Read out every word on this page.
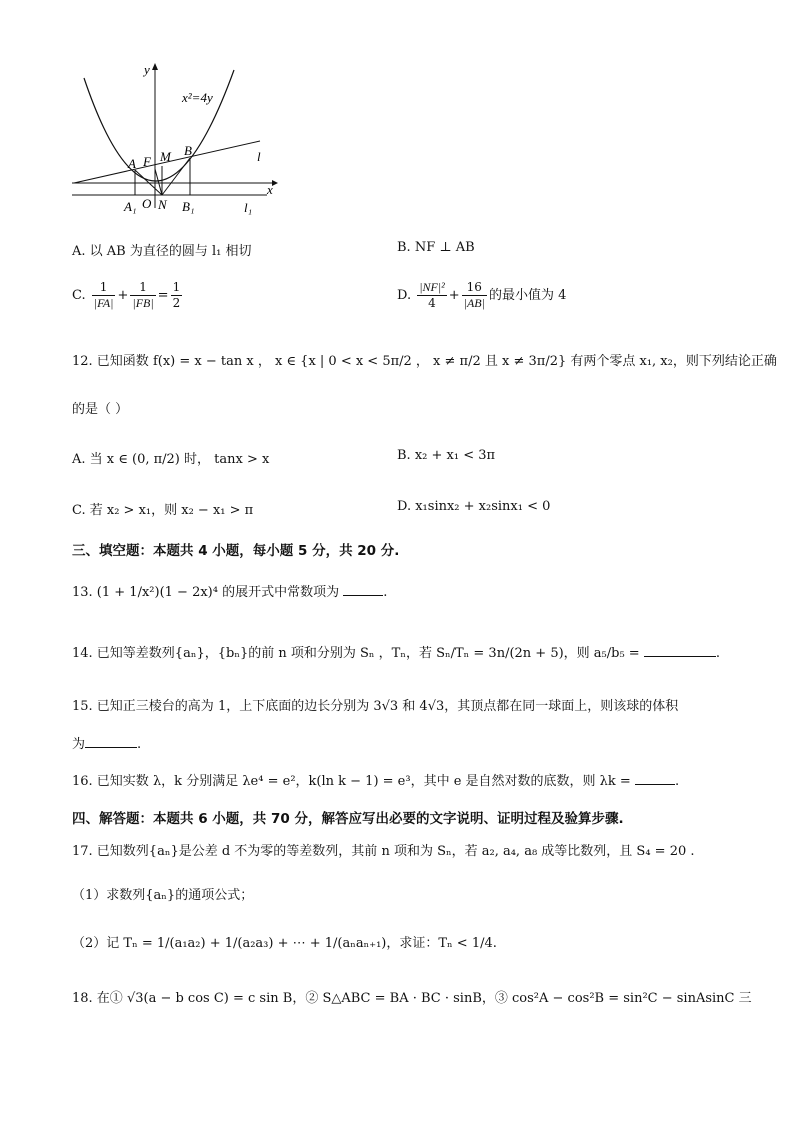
y
x
x²=4y
l
l₁
A F M B
A₁ O N B₁
A. 以 AB 为直径的圆与 l₁ 相切	B. NF ⊥ AB
C. $\frac{1}{|FA|} + \frac{1}{|FB|} = \frac{1}{2}$	D. $\frac{\text{|NF|²}}{4} + \frac{16}{|AB|}$ 的最小值为 4
12. 已知函数 f(x) = x − tan x ， x ∈ {x | 0 < x < 5π/2 ， x ≠ π/2 且 x ≠ 3π/2} 有两个零点 x₁, x₂，则下列结论正确
的是（ ）
A. 当 x ∈ (0, π/2) 时， tanx > x	B. x₂ + x₁ < 3π
C. 若 x₂ > x₁，则 x₂ − x₁ > π	D. x₁sinx₂ + x₂sinx₁ < 0
三、填空题：本题共 4 小题，每小题 5 分，共 20 分.
13. (1 + 1/x²)(1 − 2x)⁴ 的展开式中常数项为	.
14. 已知等差数列{aₙ}，{bₙ}的前 n 项和分别为 Sₙ ，Tₙ，若 Sₙ/Tₙ = 3n/(2n + 5)，则 a₅/b₅ =	.
15. 已知正三棱台的高为 1，上下底面的边长分别为 3√3 和 4√3，其顶点都在同一球面上，则该球的体积
为	.
16. 已知实数 λ，k 分别满足 λe⁴ = e²，k(ln k − 1) = e³，其中 e 是自然对数的底数，则 λk =	.
四、解答题：本题共 6 小题，共 70 分，解答应写出必要的文字说明、证明过程及验算步骤.
17. 已知数列{aₙ}是公差 d 不为零的等差数列，其前 n 项和为 Sₙ，若 a₂, a₄, a₈ 成等比数列，且 S₄ = 20 .
（1）求数列{aₙ}的通项公式；
（2）记 Tₙ = 1/(a₁a₂) + 1/(a₂a₃) + ⋯ + 1/(aₙaₙ₊₁)，求证：Tₙ < 1/4.
18. 在① √3(a − b cos C) = c sin B，② S△ABC = BA · BC · sinB，③ cos²A − cos²B = sin²C − sinAsinC 三
